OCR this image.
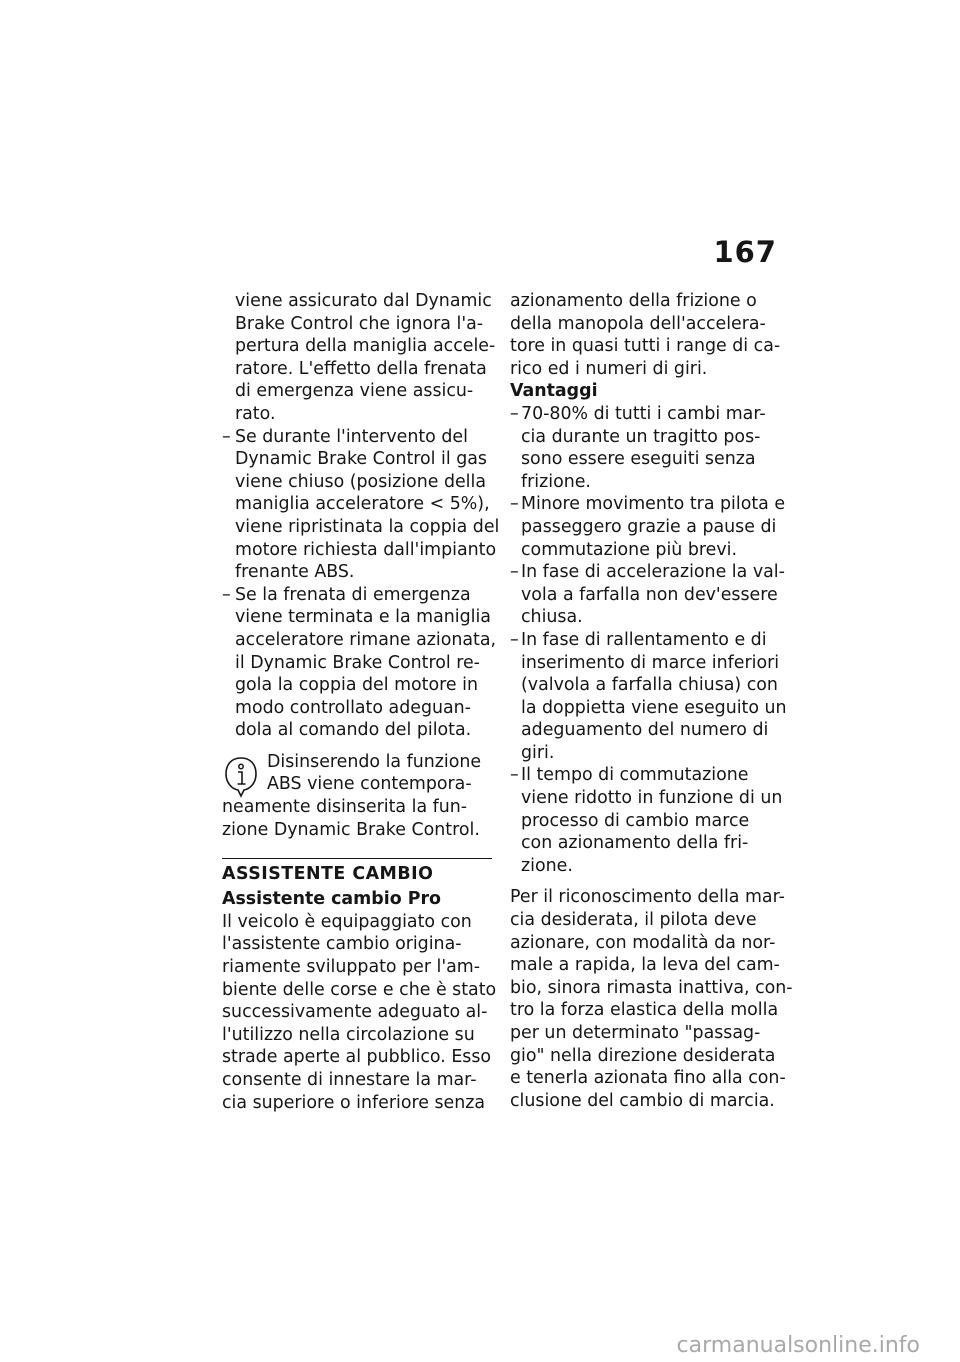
167
viene assicurato dal Dynamic
Brake Control che ignora l'a-
pertura della maniglia accele-
ratore. L'effetto della frenata
di emergenza viene assicu-
rato.
– Se durante l'intervento del
Dynamic Brake Control il gas
viene chiuso (posizione della
maniglia acceleratore < 5%),
viene ripristinata la coppia del
motore richiesta dall'impianto
frenante ABS.
– Se la frenata di emergenza
viene terminata e la maniglia
acceleratore rimane azionata,
il Dynamic Brake Control re-
gola la coppia del motore in
modo controllato adeguan-
dola al comando del pilota.
Disinserendo la funzione
ABS viene contempora-
neamente disinserita la fun-
zione Dynamic Brake Control.
ASSISTENTE CAMBIO
Assistente cambio Pro
Il veicolo è equipaggiato con
l'assistente cambio origina-
riamente sviluppato per l'am-
biente delle corse e che è stato
successivamente adeguato al-
l'utilizzo nella circolazione su
strade aperte al pubblico. Esso
consente di innestare la mar-
cia superiore o inferiore senza
azionamento della frizione o
della manopola dell'accelera-
tore in quasi tutti i range di ca-
rico ed i numeri di giri.
Vantaggi
– 70-80% di tutti i cambi mar-
cia durante un tragitto pos-
sono essere eseguiti senza
frizione.
– Minore movimento tra pilota e
passeggero grazie a pause di
commutazione più brevi.
– In fase di accelerazione la val-
vola a farfalla non dev'essere
chiusa.
– In fase di rallentamento e di
inserimento di marce inferiori
(valvola a farfalla chiusa) con
la doppietta viene eseguito un
adeguamento del numero di
giri.
– Il tempo di commutazione
viene ridotto in funzione di un
processo di cambio marce
con azionamento della fri-
zione.
Per il riconoscimento della mar-
cia desiderata, il pilota deve
azionare, con modalità da nor-
male a rapida, la leva del cam-
bio, sinora rimasta inattiva, con-
tro la forza elastica della molla
per un determinato "passag-
gio" nella direzione desiderata
e tenerla azionata fino alla con-
clusione del cambio di marcia.
carmanualsonline.info
